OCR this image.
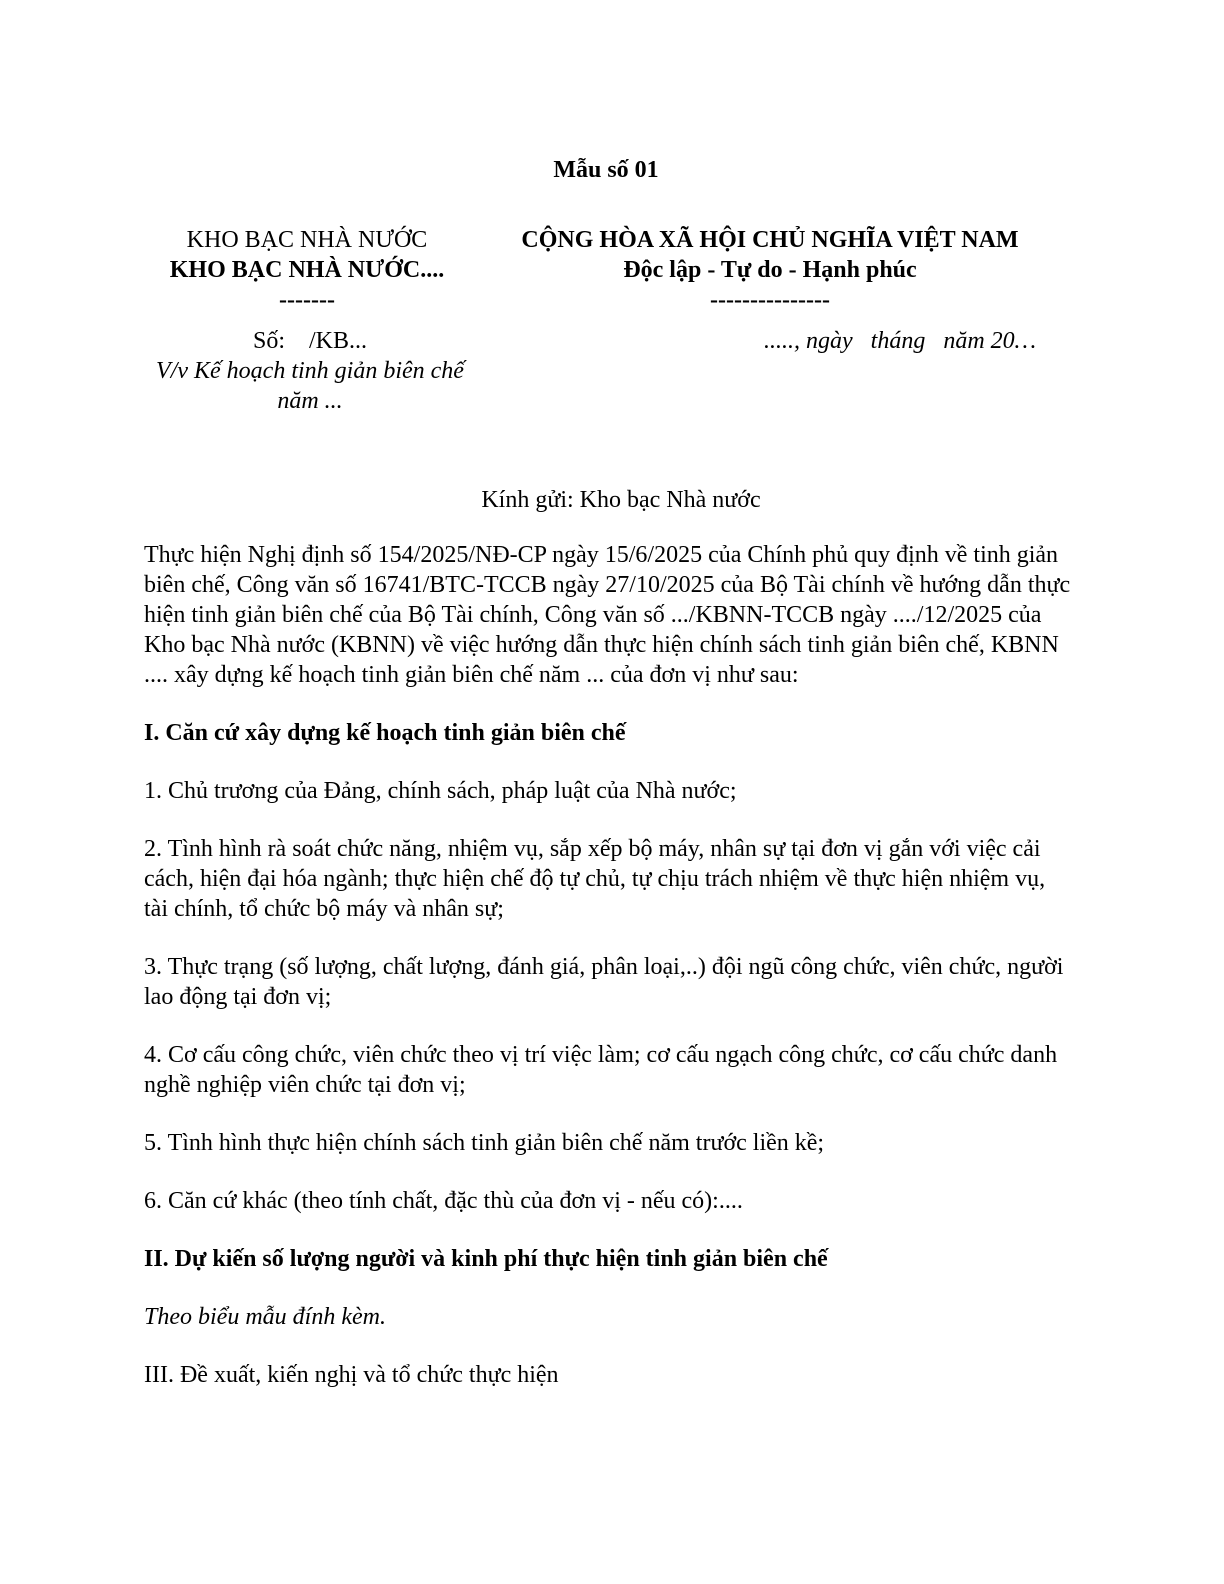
Mẫu số 01
KHO BẠC NHÀ NƯỚC
KHO BẠC NHÀ NƯỚC....
-------
CỘNG HÒA XÃ HỘI CHỦ NGHĨA VIỆT NAM
Độc lập - Tự do - Hạnh phúc
---------------
Số:    /KB...
V/v Kế hoạch tinh giản biên chế năm ...
....., ngày   tháng   năm 20…
Kính gửi: Kho bạc Nhà nước

Thực hiện Nghị định số 154/2025/NĐ-CP ngày 15/6/2025 của Chính phủ quy định về tinh giản biên chế, Công văn số 16741/BTC-TCCB ngày 27/10/2025 của Bộ Tài chính về hướng dẫn thực hiện tinh giản biên chế của Bộ Tài chính, Công văn số .../KBNN-TCCB ngày ..../12/2025 của Kho bạc Nhà nước (KBNN) về việc hướng dẫn thực hiện chính sách tinh giản biên chế, KBNN .... xây dựng kế hoạch tinh giản biên chế năm ... của đơn vị như sau:

I. Căn cứ xây dựng kế hoạch tinh giản biên chế

1. Chủ trương của Đảng, chính sách, pháp luật của Nhà nước;

2. Tình hình rà soát chức năng, nhiệm vụ, sắp xếp bộ máy, nhân sự tại đơn vị gắn với việc cải cách, hiện đại hóa ngành; thực hiện chế độ tự chủ, tự chịu trách nhiệm về thực hiện nhiệm vụ, tài chính, tổ chức bộ máy và nhân sự;

3. Thực trạng (số lượng, chất lượng, đánh giá, phân loại,..) đội ngũ công chức, viên chức, người lao động tại đơn vị;

4. Cơ cấu công chức, viên chức theo vị trí việc làm; cơ cấu ngạch công chức, cơ cấu chức danh nghề nghiệp viên chức tại đơn vị;

5. Tình hình thực hiện chính sách tinh giản biên chế năm trước liền kề;

6. Căn cứ khác (theo tính chất, đặc thù của đơn vị - nếu có):....

II. Dự kiến số lượng người và kinh phí thực hiện tinh giản biên chế

Theo biểu mẫu đính kèm.

III. Đề xuất, kiến nghị và tổ chức thực hiện
